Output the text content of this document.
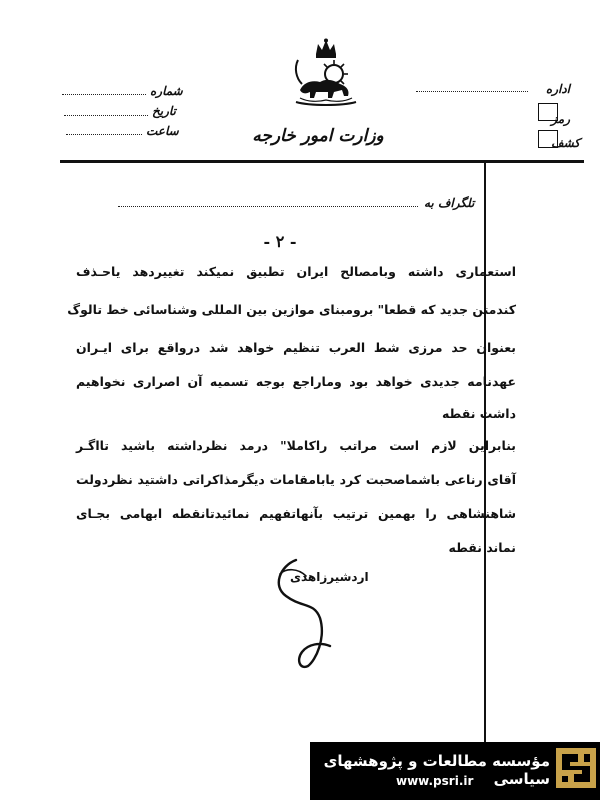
اداره
رمز
کشف
شماره
تاریخ
ساعت	وزارت امور خارجه
تلگراف به
- ۲ -
استعماری داشته وبامصالح ایران تطبیق نمیکند تغییردهد یاحـذف
کندمتن جدید که قطعا" برومبنای موازین بین المللی وشناسائی خط تالوگ
بعنوان حد مرزی شط العرب تنظیم خواهد شد درواقع برای ایـران
عهدنامه جدیدی خواهد بود وماراجع بوجه تسمیه آن اصراری نخواهیم
داشت نقطه
بنابراین لازم است مراتب راکاملا" درمد نظرداشته باشید تااگـر
آقای رناعی باشماصحبت کرد یابامقامات دیگرمذاکراتی داشتید نظردولت
شاهنشاهی را بهمین ترتیب بآنهاتفهیم نمائیدتانقطه ابهامی بجـای
نماند نقطه
اردشیرزاهدی
مؤسسه مطالعات و پژوهشهای سیاسی
www.psri.ir
